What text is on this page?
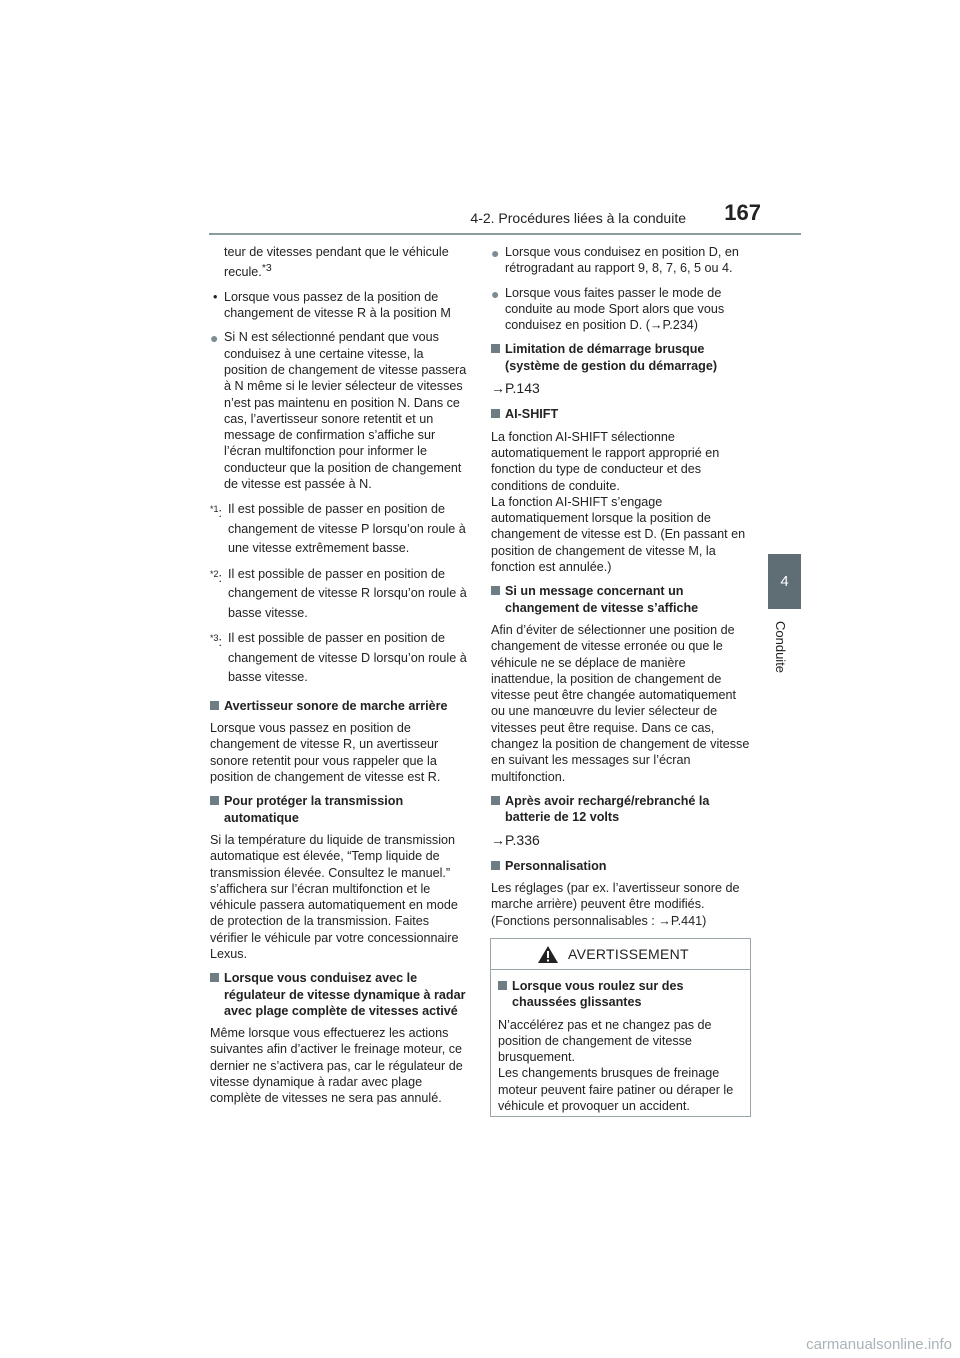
4-2. Procédures liées à la conduite 167
4
Conduite

teur de vitesses pendant que le véhicule recule.$^{*3}$

• Lorsque vous passez de la position de changement de vitesse R à la position M
● Si N est sélectionné pendant que vous conduisez à une certaine vitesse, la position de changement de vitesse passera à N même si le levier sélecteur de vitesses n’est pas maintenu en position N. Dans ce cas, l’avertisseur sonore retentit et un message de confirmation s’affiche sur l’écran multifonction pour informer le conducteur que la position de changement de vitesse est passée à N.
$^{*1}$: Il est possible de passer en position de changement de vitesse P lorsqu’on roule à une vitesse extrêmement basse.
$^{*2}$: Il est possible de passer en position de changement de vitesse R lorsqu’on roule à basse vitesse.
$^{*3}$: Il est possible de passer en position de changement de vitesse D lorsqu’on roule à basse vitesse.
Avertisseur sonore de marche arrière

Lorsque vous passez en position de changement de vitesse R, un avertisseur sonore retentit pour vous rappeler que la position de changement de vitesse est R.

Pour protéger la transmission automatique

Si la température du liquide de transmission automatique est élevée, “Temp liquide de transmission élevée. Consultez le manuel.” s’affichera sur l’écran multifonction et le véhicule passera automatiquement en mode de protection de la transmission. Faites vérifier le véhicule par votre concessionnaire Lexus.

Lorsque vous conduisez avec le régulateur de vitesse dynamique à radar avec plage complète de vitesses activé

Même lorsque vous effectuerez les actions suivantes afin d’activer le freinage moteur, ce dernier ne s’activera pas, car le régulateur de vitesse dynamique à radar avec plage complète de vitesses ne sera pas annulé.

● Lorsque vous conduisez en position D, en rétrogradant au rapport 9, 8, 7, 6, 5 ou 4.
● Lorsque vous faites passer le mode de conduite au mode Sport alors que vous conduisez en position D. (→P.234)
Limitation de démarrage brusque (système de gestion du démarrage)

→P.143

AI-SHIFT

La fonction AI-SHIFT sélectionne automatiquement le rapport approprié en fonction du type de conducteur et des conditions de conduite.

La fonction AI-SHIFT s’engage automatiquement lorsque la position de changement de vitesse est D. (En passant en position de changement de vitesse M, la fonction est annulée.)

Si un message concernant un changement de vitesse s’affiche

Afin d’éviter de sélectionner une position de changement de vitesse erronée ou que le véhicule ne se déplace de manière inattendue, la position de changement de vitesse peut être changée automatiquement ou une manœuvre du levier sélecteur de vitesses peut être requise. Dans ce cas, changez la position de changement de vitesse en suivant les messages sur l’écran multifonction.

Après avoir rechargé/rebranché la batterie de 12 volts

→P.336

Personnalisation

Les réglages (par ex. l’avertisseur sonore de marche arrière) peuvent être modifiés. (Fonctions personnalisables : →P.441)

AVERTISSEMENT
Lorsque vous roulez sur des chaussées glissantes

N’accélérez pas et ne changez pas de position de changement de vitesse brusquement.

Les changements brusques de freinage moteur peuvent faire patiner ou déraper le véhicule et provoquer un accident.

carmanualsonline.info
